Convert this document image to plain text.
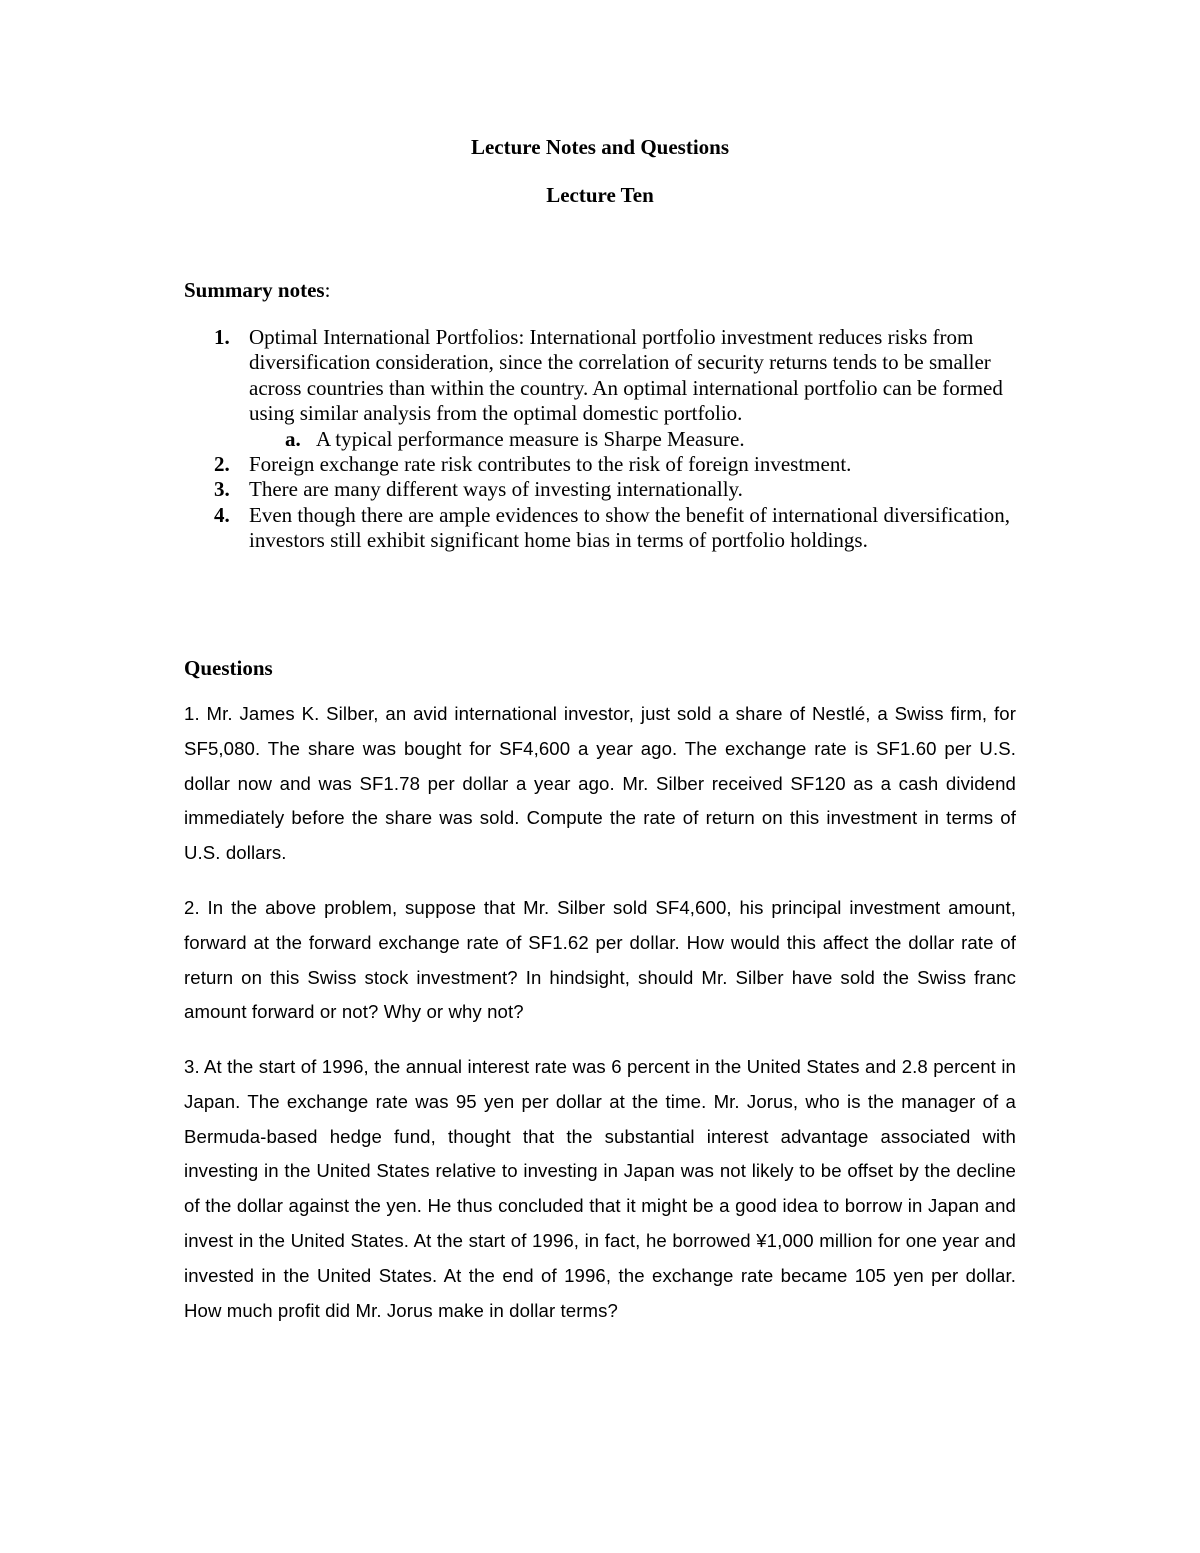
Lecture Notes and Questions
Lecture Ten
Summary notes:
1. Optimal International Portfolios: International portfolio investment reduces risks from diversification consideration, since the correlation of security returns tends to be smaller across countries than within the country. An optimal international portfolio can be formed using similar analysis from the optimal domestic portfolio.
a. A typical performance measure is Sharpe Measure.
2. Foreign exchange rate risk contributes to the risk of foreign investment.
3. There are many different ways of investing internationally.
4. Even though there are ample evidences to show the benefit of international diversification, investors still exhibit significant home bias in terms of portfolio holdings.
Questions

1. Mr. James K. Silber, an avid international investor, just sold a share of Nestlé, a Swiss firm, for SF5,080. The share was bought for SF4,600 a year ago. The exchange rate is SF1.60 per U.S. dollar now and was SF1.78 per dollar a year ago. Mr. Silber received SF120 as a cash dividend immediately before the share was sold. Compute the rate of return on this investment in terms of U.S. dollars.

2. In the above problem, suppose that Mr. Silber sold SF4,600, his principal investment amount, forward at the forward exchange rate of SF1.62 per dollar. How would this affect the dollar rate of return on this Swiss stock investment? In hindsight, should Mr. Silber have sold the Swiss franc amount forward or not? Why or why not?

3. At the start of 1996, the annual interest rate was 6 percent in the United States and 2.8 percent in Japan. The exchange rate was 95 yen per dollar at the time. Mr. Jorus, who is the manager of a Bermuda-based hedge fund, thought that the substantial interest advantage associated with investing in the United States relative to investing in Japan was not likely to be offset by the decline of the dollar against the yen. He thus concluded that it might be a good idea to borrow in Japan and invest in the United States. At the start of 1996, in fact, he borrowed ¥1,000 million for one year and invested in the United States. At the end of 1996, the exchange rate became 105 yen per dollar. How much profit did Mr. Jorus make in dollar terms?
